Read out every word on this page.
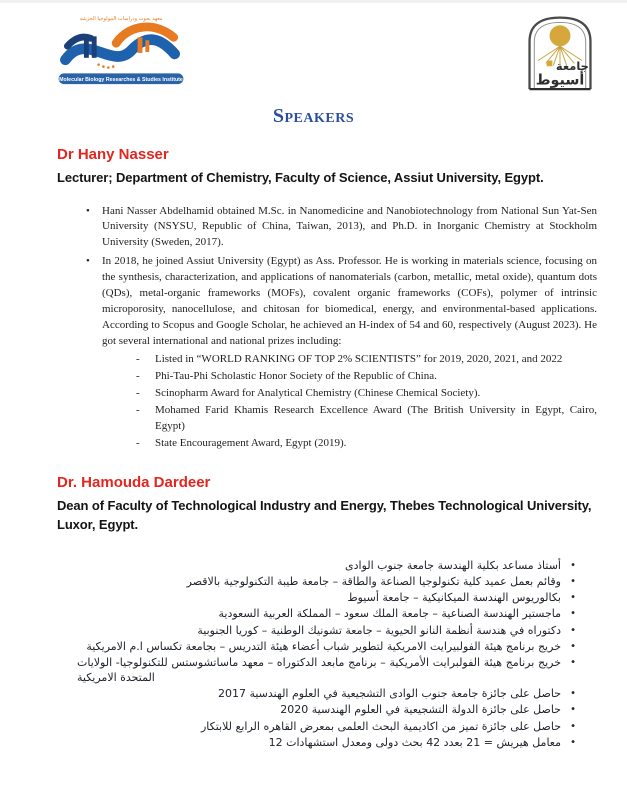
معهد بحوث ودراسات البيولوجيا الجزيئية
Molecular Biology Researches & Studies Institute
جامعة
أسيوط
Speakers
Dr Hany Nasser
Lecturer; Department of Chemistry, Faculty of Science, Assiut University, Egypt.
• Hani Nasser Abdelhamid obtained M.Sc. in Nanomedicine and Nanobiotechnology from National Sun Yat-Sen University (NSYSU, Republic of China, Taiwan, 2013), and Ph.D. in Inorganic Chemistry at Stockholm University (Sweden, 2017).
• In 2018, he joined Assiut University (Egypt) as Ass. Professor. He is working in materials science, focusing on the synthesis, characterization, and applications of nanomaterials (carbon, metallic, metal oxide), quantum dots (QDs), metal-organic frameworks (MOFs), covalent organic frameworks (COFs), polymer of intrinsic microporosity, nanocellulose, and chitosan for biomedical, energy, and environmental-based applications. According to Scopus and Google Scholar, he achieved an H-index of 54 and 60, respectively (August 2023). He got several international and national prizes including:
- Listed in “WORLD RANKING OF TOP 2% SCIENTISTS” for 2019, 2020, 2021, and 2022
- Phi-Tau-Phi Scholastic Honor Society of the Republic of China.
- Scinopharm Award for Analytical Chemistry (Chinese Chemical Society).
- Mohamed Farid Khamis Research Excellence Award (The British University in Egypt, Cairo, Egypt)
- State Encouragement Award, Egypt (2019).
Dr. Hamouda Dardeer
Dean of Faculty of Technological Industry and Energy, Thebes Technological University, Luxor, Egypt.
• أستاذ مساعد بكلية الهندسة جامعة جنوب الوادى
• وقائم بعمل عميد كلية تكنولوجيا الصناعة والطاقة – جامعة طيبة التكنولوجية بالاقصر
• بكالوريوس الهندسة الميكانيكية – جامعة أسيوط
• ماجستير الهندسة الصناعية – جامعة الملك سعود – المملكة العربية السعودية
• دكتوراه في هندسة أنظمة النانو الحيوية – جامعة تشونيك الوطنية – كوريا الجنوبية
• خريج برنامج هيئة الفولبيرايت الامريكية لتطوير شباب أعضاء هيئة التدريس – بجامعة تكساس ا.م الامريكية
• خريج برنامج هيئة الفولبرايت الأمريكية – برنامج مابعد الدكتوراه – معهد ماساتشوستس للتكنولوجيا- الولايات المتحدة الامريكية
• حاصل على جائزة جامعة جنوب الوادى التشجيعية في العلوم الهندسية 2017
• حاصل على جائزة الدولة التشجيعية في العلوم الهندسية 2020
• حاصل على جائزة تميز من اكاديمية البحث العلمى بمعرض القاهره الرابع للابتكار
• معامل هيريش = 21 بعدد 42 بحث دولى ومعدل استشهادات 12
